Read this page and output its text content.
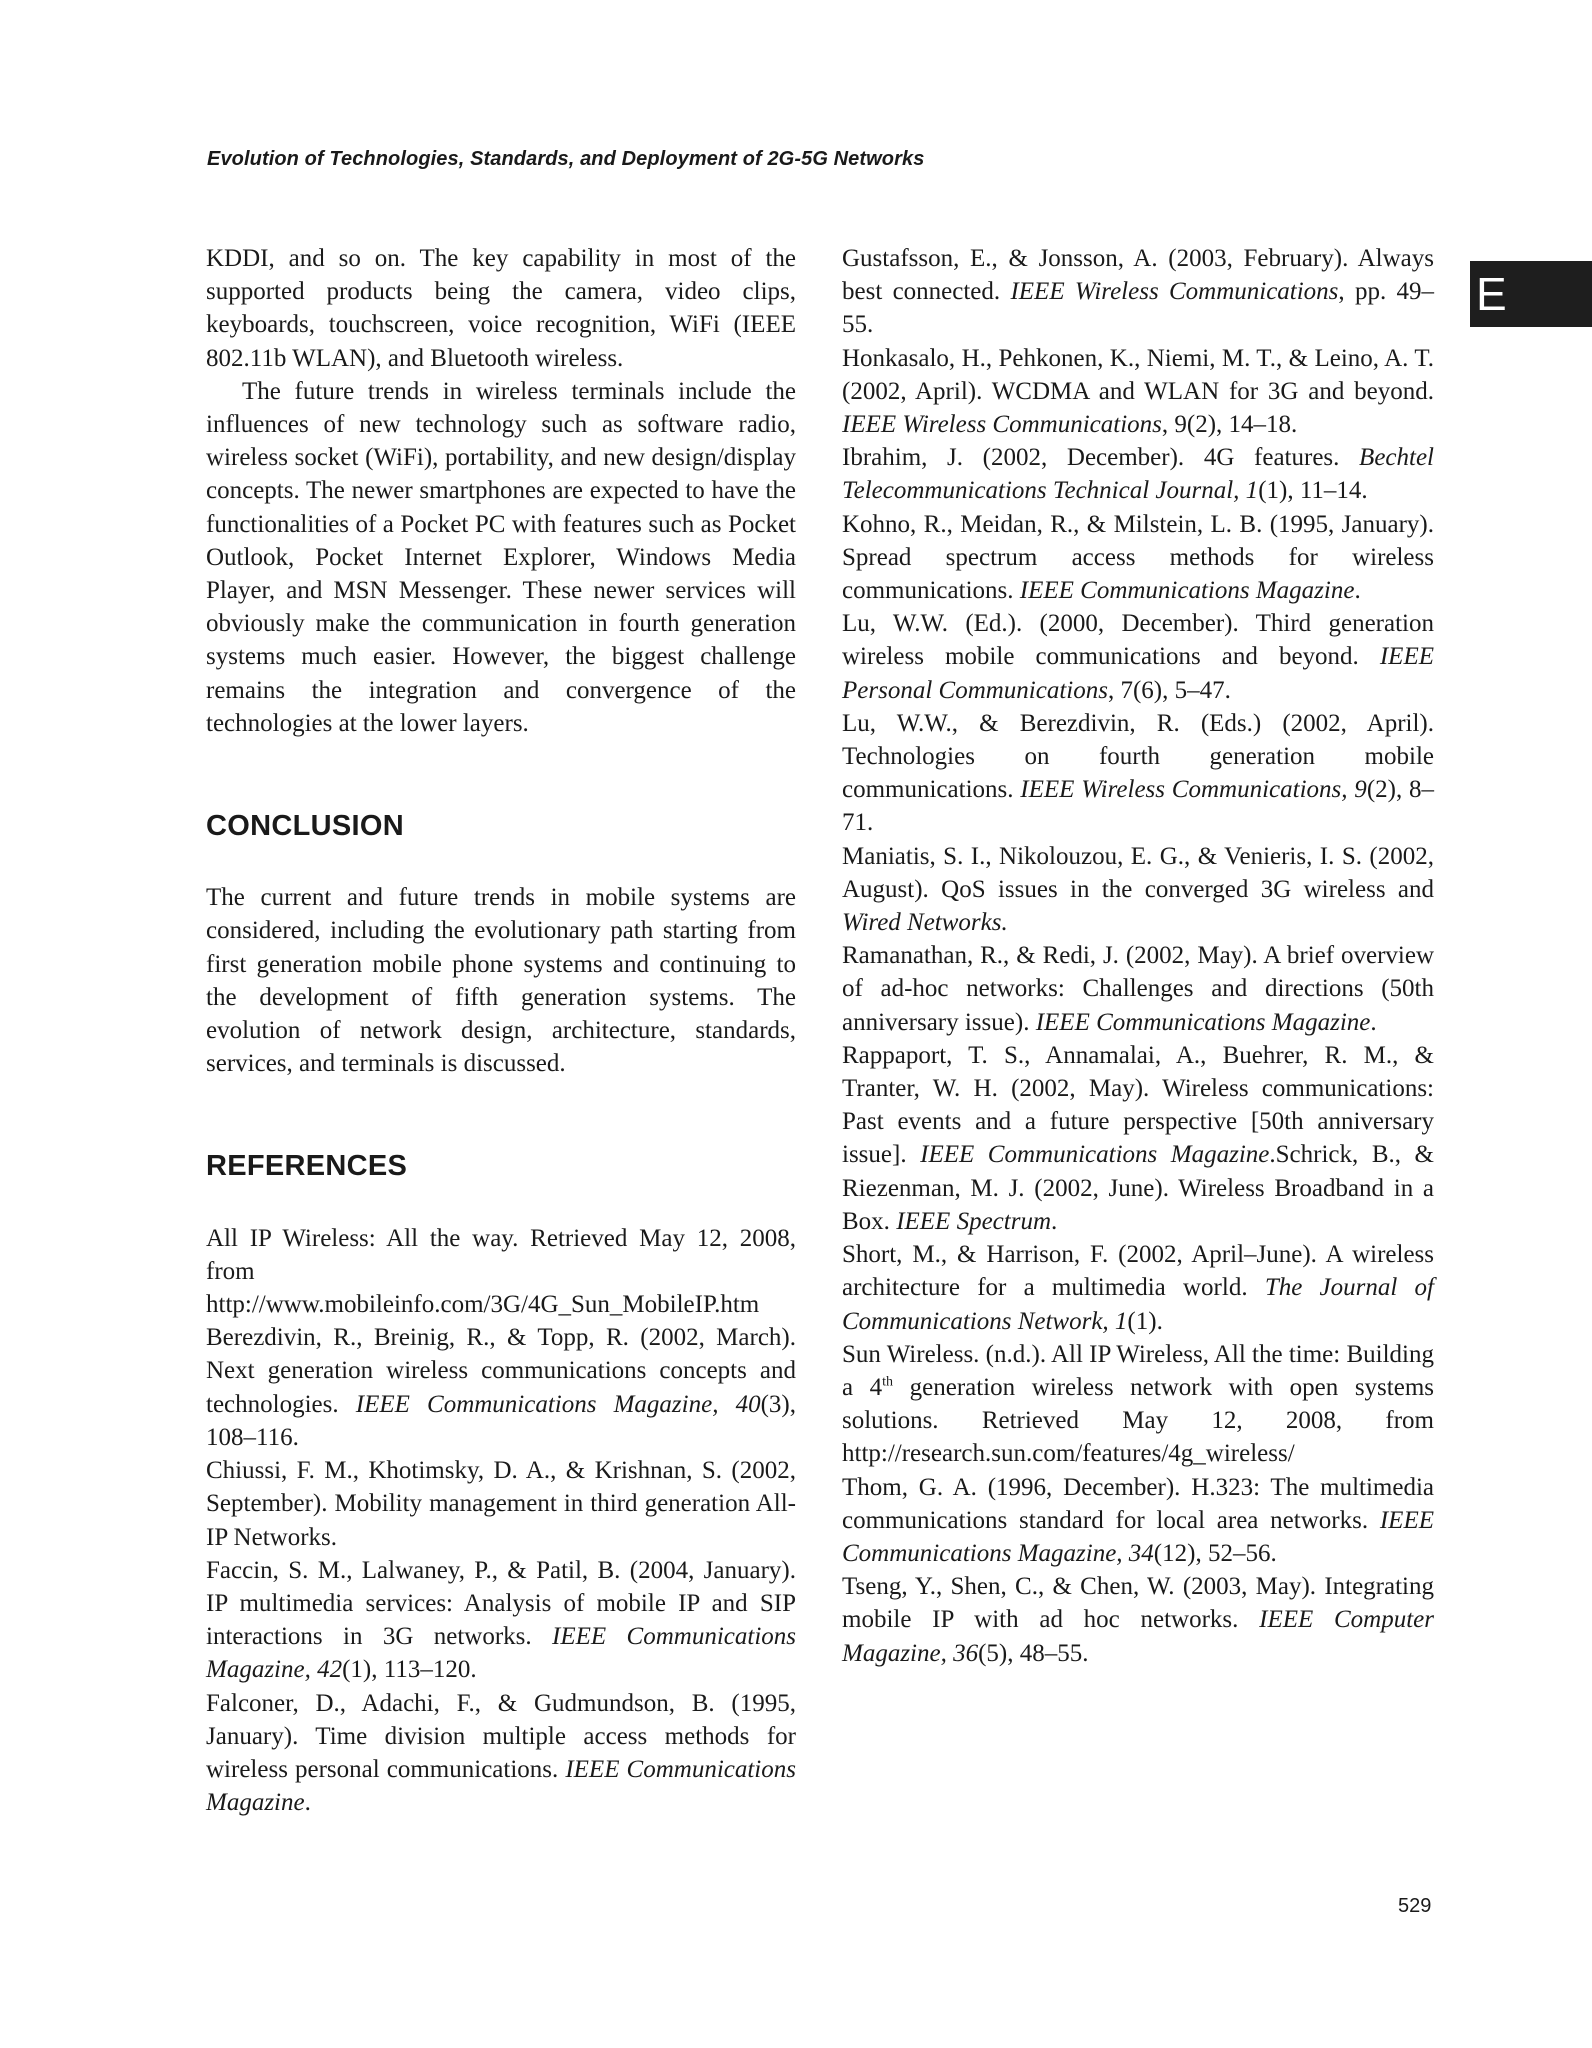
Evolution of Technologies, Standards, and Deployment of 2G-5G Networks
E

KDDI, and so on. The key capability in most of the supported products being the camera, video clips, keyboards, touchscreen, voice recognition, WiFi (IEEE 802.11b WLAN), and Bluetooth wireless.

The future trends in wireless terminals include the influences of new technology such as software radio, wireless socket (WiFi), portability, and new design/display concepts. The newer smartphones are expected to have the functionalities of a Pocket PC with features such as Pocket Outlook, Pocket Internet Explorer, Windows Media Player, and MSN Messenger. These newer services will obviously make the communication in fourth generation systems much easier. However, the biggest challenge remains the integration and convergence of the technologies at the lower layers.

CONCLUSION

The current and future trends in mobile systems are considered, including the evolutionary path starting from first generation mobile phone systems and continuing to the development of fifth generation systems. The evolution of network design, architecture, standards, services, and terminals is discussed.

REFERENCES

All IP Wireless: All the way. Retrieved May 12, 2008, from http://www.mobileinfo.com/3G/4G_Sun_MobileIP.htm

Berezdivin, R., Breinig, R., & Topp, R. (2002, March). Next generation wireless communications concepts and technologies. IEEE Communications Magazine, 40(3), 108–116.

Chiussi, F. M., Khotimsky, D. A., & Krishnan, S. (2002, September). Mobility management in third generation All-IP Networks.

Faccin, S. M., Lalwaney, P., & Patil, B. (2004, January). IP multimedia services: Analysis of mobile IP and SIP interactions in 3G networks. IEEE Communications Magazine, 42(1), 113–120.

Falconer, D., Adachi, F., & Gudmundson, B. (1995, January). Time division multiple access methods for wireless personal communications. IEEE Communications Magazine.

Gustafsson, E., & Jonsson, A. (2003, February). Always best connected. IEEE Wireless Communications, pp. 49–55.

Honkasalo, H., Pehkonen, K., Niemi, M. T., & Leino, A. T. (2002, April). WCDMA and WLAN for 3G and beyond. IEEE Wireless Communications, 9(2), 14–18.

Ibrahim, J. (2002, December). 4G features. Bechtel Telecommunications Technical Journal, 1(1), 11–14.

Kohno, R., Meidan, R., & Milstein, L. B. (1995, January). Spread spectrum access methods for wireless communications. IEEE Communications Magazine.

Lu, W.W. (Ed.). (2000, December). Third generation wireless mobile communications and beyond. IEEE Personal Communications, 7(6), 5–47.

Lu, W.W., & Berezdivin, R. (Eds.) (2002, April). Technologies on fourth generation mobile communications. IEEE Wireless Communications, 9(2), 8–71.

Maniatis, S. I., Nikolouzou, E. G., & Venieris, I. S. (2002, August). QoS issues in the converged 3G wireless and Wired Networks.

Ramanathan, R., & Redi, J. (2002, May). A brief overview of ad-hoc networks: Challenges and directions (50th anniversary issue). IEEE Communications Magazine.

Rappaport, T. S., Annamalai, A., Buehrer, R. M., & Tranter, W. H. (2002, May). Wireless communications: Past events and a future perspective [50th anniversary issue]. IEEE Communications Magazine.Schrick, B., & Riezenman, M. J. (2002, June). Wireless Broadband in a Box. IEEE Spectrum.

Short, M., & Harrison, F. (2002, April–June). A wireless architecture for a multimedia world. The Journal of Communications Network, 1(1).

Sun Wireless. (n.d.). All IP Wireless, All the time: Building a 4th generation wireless network with open systems solutions. Retrieved May 12, 2008, from http://research.sun.com/features/4g_wireless/

Thom, G. A. (1996, December). H.323: The multimedia communications standard for local area networks. IEEE Communications Magazine, 34(12), 52–56.

Tseng, Y., Shen, C., & Chen, W. (2003, May). Integrating mobile IP with ad hoc networks. IEEE Computer Magazine, 36(5), 48–55.

529
